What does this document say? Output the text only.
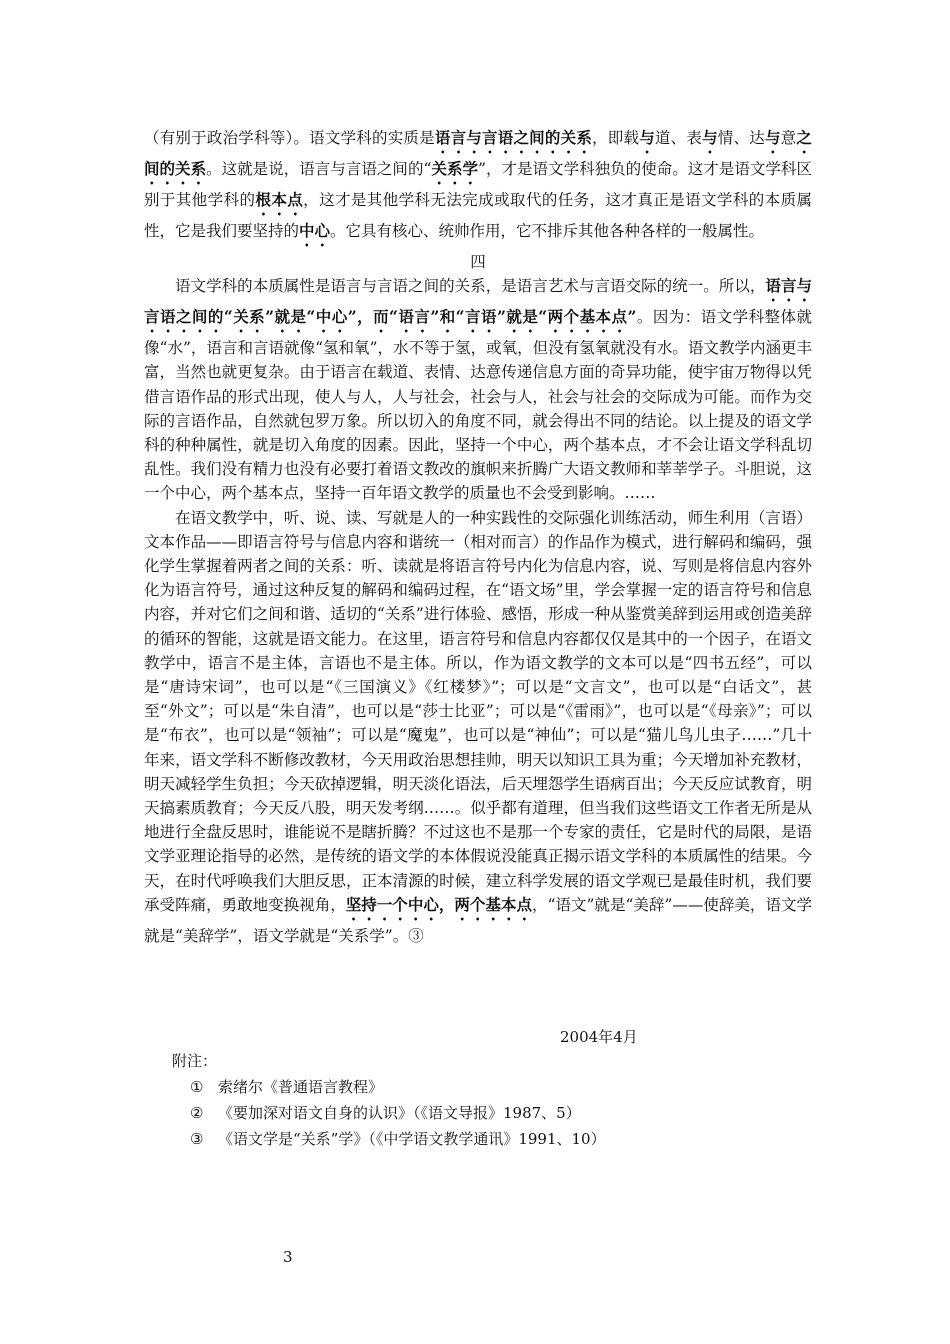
（有别于政治学科等）。语文学科的实质是语言与言语之间的关系，即载与道、表与情、达与意之间的关系。这就是说，语言与言语之间的“关系学”，才是语文学科独负的使命。这才是语文学科区别于其他学科的根本点，这才是其他学科无法完成或取代的任务，这才真正是语文学科的本质属性，它是我们要坚持的中心。它具有核心、统帅作用，它不排斥其他各种各样的一般属性。

四

语文学科的本质属性是语言与言语之间的关系，是语言艺术与言语交际的统一。所以，语言与言语之间的“关系”就是“中心”，而“语言”和“言语”就是“两个基本点”。因为：语文学科整体就像“水”，语言和言语就像“氢和氧”，水不等于氢，或氧，但没有氢氧就没有水。语文教学内涵更丰富，当然也就更复杂。由于语言在载道、表情、达意传递信息方面的奇异功能，使宇宙万物得以凭借言语作品的形式出现，使人与人，人与社会，社会与人，社会与社会的交际成为可能。而作为交际的言语作品，自然就包罗万象。所以切入的角度不同，就会得出不同的结论。以上提及的语文学科的种种属性，就是切入角度的因素。因此，坚持一个中心，两个基本点，才不会让语文学科乱切乱性。我们没有精力也没有必要打着语文教改的旗帜来折腾广大语文教师和莘莘学子。斗胆说，这一个中心，两个基本点，坚持一百年语文教学的质量也不会受到影响。……

在语文教学中，听、说、读、写就是人的一种实践性的交际强化训练活动，师生利用（言语）文本作品——即语言符号与信息内容和谐统一（相对而言）的作品作为模式，进行解码和编码，强化学生掌握着两者之间的关系：听、读就是将语言符号内化为信息内容，说、写则是将信息内容外化为语言符号，通过这种反复的解码和编码过程，在“语文场”里，学会掌握一定的语言符号和信息内容，并对它们之间和谐、适切的“关系”进行体验、感悟，形成一种从鉴赏美辞到运用或创造美辞的循环的智能，这就是语文能力。在这里，语言符号和信息内容都仅仅是其中的一个因子，在语文教学中，语言不是主体，言语也不是主体。所以，作为语文教学的文本可以是“四书五经”，可以是“唐诗宋词”，也可以是“《三国演义》《红楼梦》”；可以是“文言文”，也可以是“白话文”，甚至“外文”；可以是“朱自清”，也可以是“莎士比亚”；可以是“《雷雨》”，也可以是“《母亲》”；可以是“布衣”，也可以是“领袖”；可以是“魔鬼”，也可以是“神仙”；可以是“猫儿鸟儿虫子……”几十年来，语文学科不断修改教材，今天用政治思想挂帅，明天以知识工具为重；今天增加补充教材，明天减轻学生负担；今天砍掉逻辑，明天淡化语法，后天埋怨学生语病百出；今天反应试教育，明天搞素质教育；今天反八股，明天发考纲……。似乎都有道理，但当我们这些语文工作者无所是从地进行全盘反思时，谁能说不是瞎折腾？不过这也不是那一个专家的责任，它是时代的局限，是语文学亚理论指导的必然，是传统的语文学的本体假说没能真正揭示语文学科的本质属性的结果。今天，在时代呼唤我们大胆反思，正本清源的时候，建立科学发展的语文学观已是最佳时机，我们要承受阵痛，勇敢地变换视角，坚持一个中心，两个基本点，“语文”就是“美辞”——使辞美，语文学就是“美辞学”，语文学就是“关系学”。③

2004年4月
附注：
① 索绪尔《普通语言教程》
② 《要加深对语文自身的认识》（《语文导报》1987、5）
③ 《语文学是“关系”学》（《中学语文教学通讯》1991、10）
3
